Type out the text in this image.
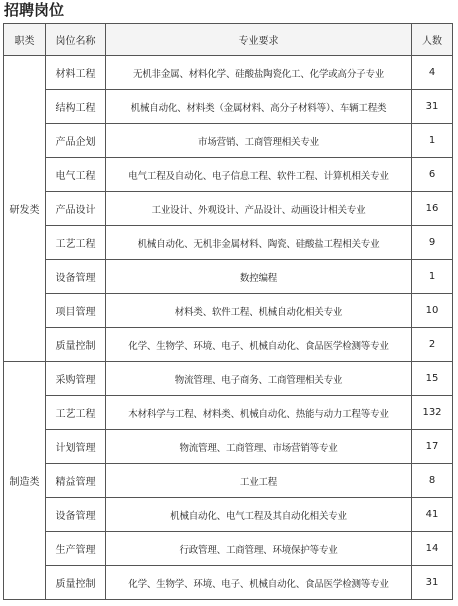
招聘岗位
职类	岗位名称	专业要求	人数
研发类	材料工程	无机非金属、材料化学、硅酸盐陶瓷化工、化学或高分子专业	4
	结构工程	机械自动化、材料类（金属材料、高分子材料等）、车辆工程类	31
	产品企划	市场营销、工商管理相关专业	1
	电气工程	电气工程及自动化、电子信息工程、软件工程、计算机相关专业	6
	产品设计	工业设计、外观设计、产品设计、动画设计相关专业	16
	工艺工程	机械自动化、无机非金属材料、陶瓷、硅酸盐工程相关专业	9
	设备管理	数控编程	1
	项目管理	材料类、软件工程、机械自动化相关专业	10
	质量控制	化学、生物学、环境、电子、机械自动化、食品医学检测等专业	2
制造类	采购管理	物流管理、电子商务、工商管理相关专业	15
	工艺工程	木材科学与工程、材料类、机械自动化、热能与动力工程等专业	132
	计划管理	物流管理、工商管理、市场营销等专业	17
	精益管理	工业工程	8
	设备管理	机械自动化、电气工程及其自动化相关专业	41
	生产管理	行政管理、工商管理、环境保护等专业	14
	质量控制	化学、生物学、环境、电子、机械自动化、食品医学检测等专业	31
